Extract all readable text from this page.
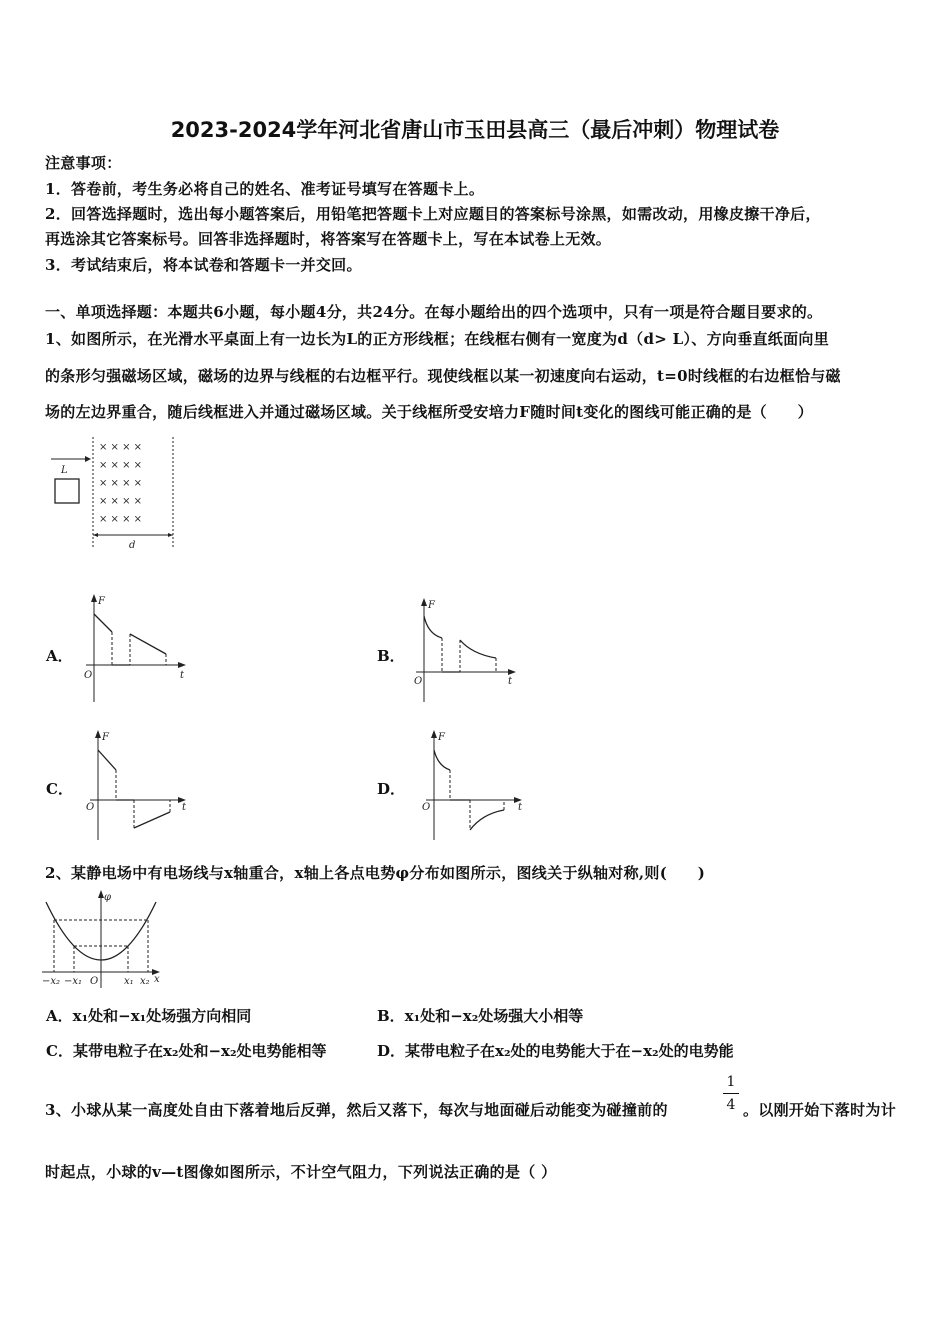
2023-2024学年河北省唐山市玉田县高三（最后冲刺）物理试卷
注意事项：
1．答卷前，考生务必将自己的姓名、准考证号填写在答题卡上。
2．回答选择题时，选出每小题答案后，用铅笔把答题卡上对应题目的答案标号涂黑，如需改动，用橡皮擦干净后，
再选涂其它答案标号。回答非选择题时，将答案写在答题卡上，写在本试卷上无效。
3．考试结束后，将本试卷和答题卡一并交回。
一、单项选择题：本题共6小题，每小题4分，共24分。在每小题给出的四个选项中，只有一项是符合题目要求的。
1、如图所示，在光滑水平桌面上有一边长为L的正方形线框；在线框右侧有一宽度为d（d> L）、方向垂直纸面向里
的条形匀强磁场区域，磁场的边界与线框的右边框平行。现使线框以某一初速度向右运动，t=0时线框的右边框恰与磁
场的左边界重合，随后线框进入并通过磁场区域。关于线框所受安培力F随时间t变化的图线可能正确的是（　　）
L
× × × ×
× × × ×
× × × ×
× × × ×
× × × ×
d
A．
F
t
O
B．
F
t
O
C．
F
t
O
D．
F
t
O
2、某静电场中有电场线与x轴重合，x轴上各点电势φ分布如图所示，图线关于纵轴对称,则(　　)
φ
x
O
−x₂ −x₁	x₁ x₂
A．x₁处和−x₁处场强方向相同	B．x₁处和−x₂处场强大小相等
C．某带电粒子在x₂处和−x₂处电势能相等	D．某带电粒子在x₂处的电势能大于在−x₂处的电势能
3、小球从某一高度处自由下落着地后反弹，然后又落下，每次与地面碰后动能变为碰撞前的
1
4 。以刚开始下落时为计
时起点，小球的v—t图像如图所示，不计空气阻力，下列说法正确的是（ ）
